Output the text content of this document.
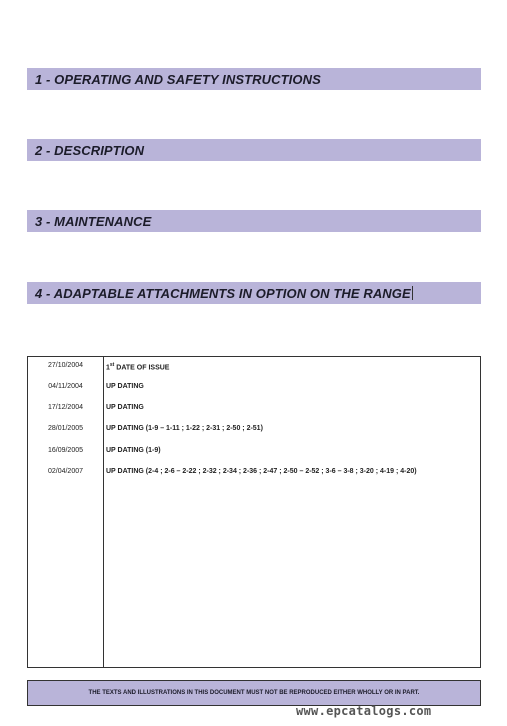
1 - OPERATING AND SAFETY INSTRUCTIONS
2 - DESCRIPTION
3 - MAINTENANCE
4 - ADAPTABLE ATTACHMENTS IN OPTION ON THE RANGE
27/10/2004	1st DATE OF ISSUE
04/11/2004	UP DATING
17/12/2004	UP DATING
28/01/2005	UP DATING (1-9 – 1-11 ; 1-22 ; 2-31 ; 2-50 ; 2-51)
16/09/2005	UP DATING (1-9)
02/04/2007	UP DATING (2-4 ; 2-6 – 2-22 ; 2-32 ; 2-34 ; 2-36 ; 2-47 ; 2-50 – 2-52 ; 3-6 – 3-8 ; 3-20 ; 4-19 ; 4-20)
THE TEXTS AND ILLUSTRATIONS IN THIS DOCUMENT MUST NOT BE REPRODUCED EITHER WHOLLY OR IN PART.
www.epcatalogs.com
